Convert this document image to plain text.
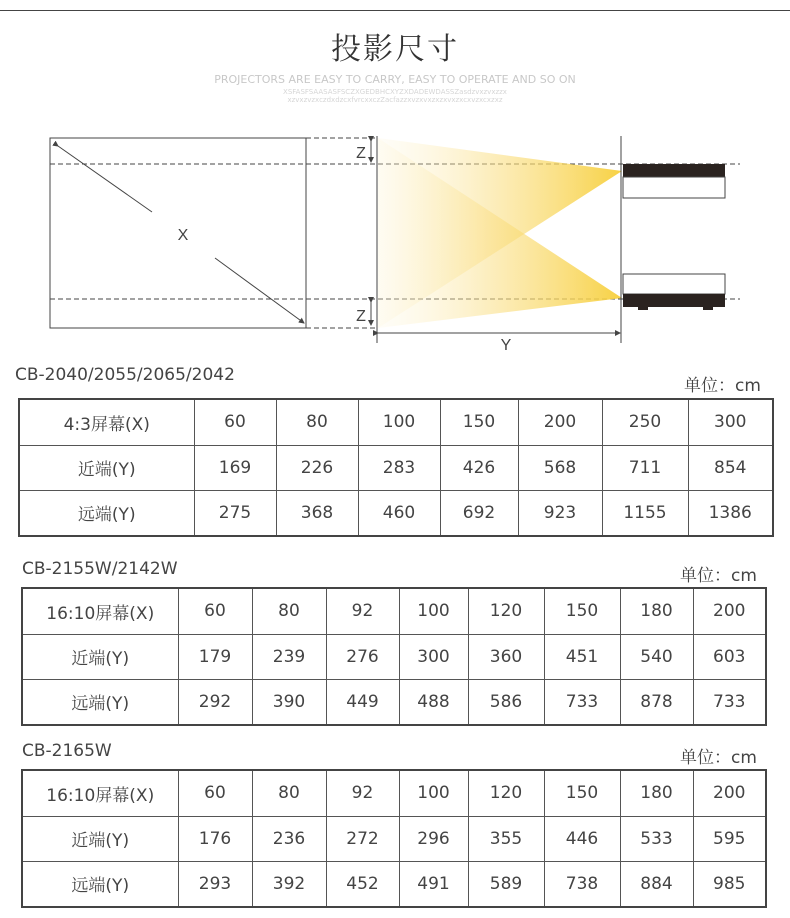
投影尺寸
PROJECTORS ARE EASY TO CARRY, EASY TO OPERATE AND SO ON
XSFASFSAASASFSCZXGEDBHCXYZXDADEWDASSZasdzvxzvxzzx
xzvxzvzxczdxdzcxfvrcxxczZacfazzxvzxvxzxzxvxzxcxvzxcxzxz
X
Y
Z
Z
CB-2040/2055/2065/2042
单位：cm
4:3屏幕(X)	60	80	100	150	200	250	300
近端(Y)	169	226	283	426	568	711	854
远端(Y)	275	368	460	692	923	1155	1386
CB-2155W/2142W	单位：cm
16:10屏幕(X)	60	80	92	100	120	150	180	200
近端(Y)	179	239	276	300	360	451	540	603
远端(Y)	292	390	449	488	586	733	878	733
CB-2165W	单位：cm
16:10屏幕(X)	60	80	92	100	120	150	180	200
近端(Y)	176	236	272	296	355	446	533	595
远端(Y)	293	392	452	491	589	738	884	985
